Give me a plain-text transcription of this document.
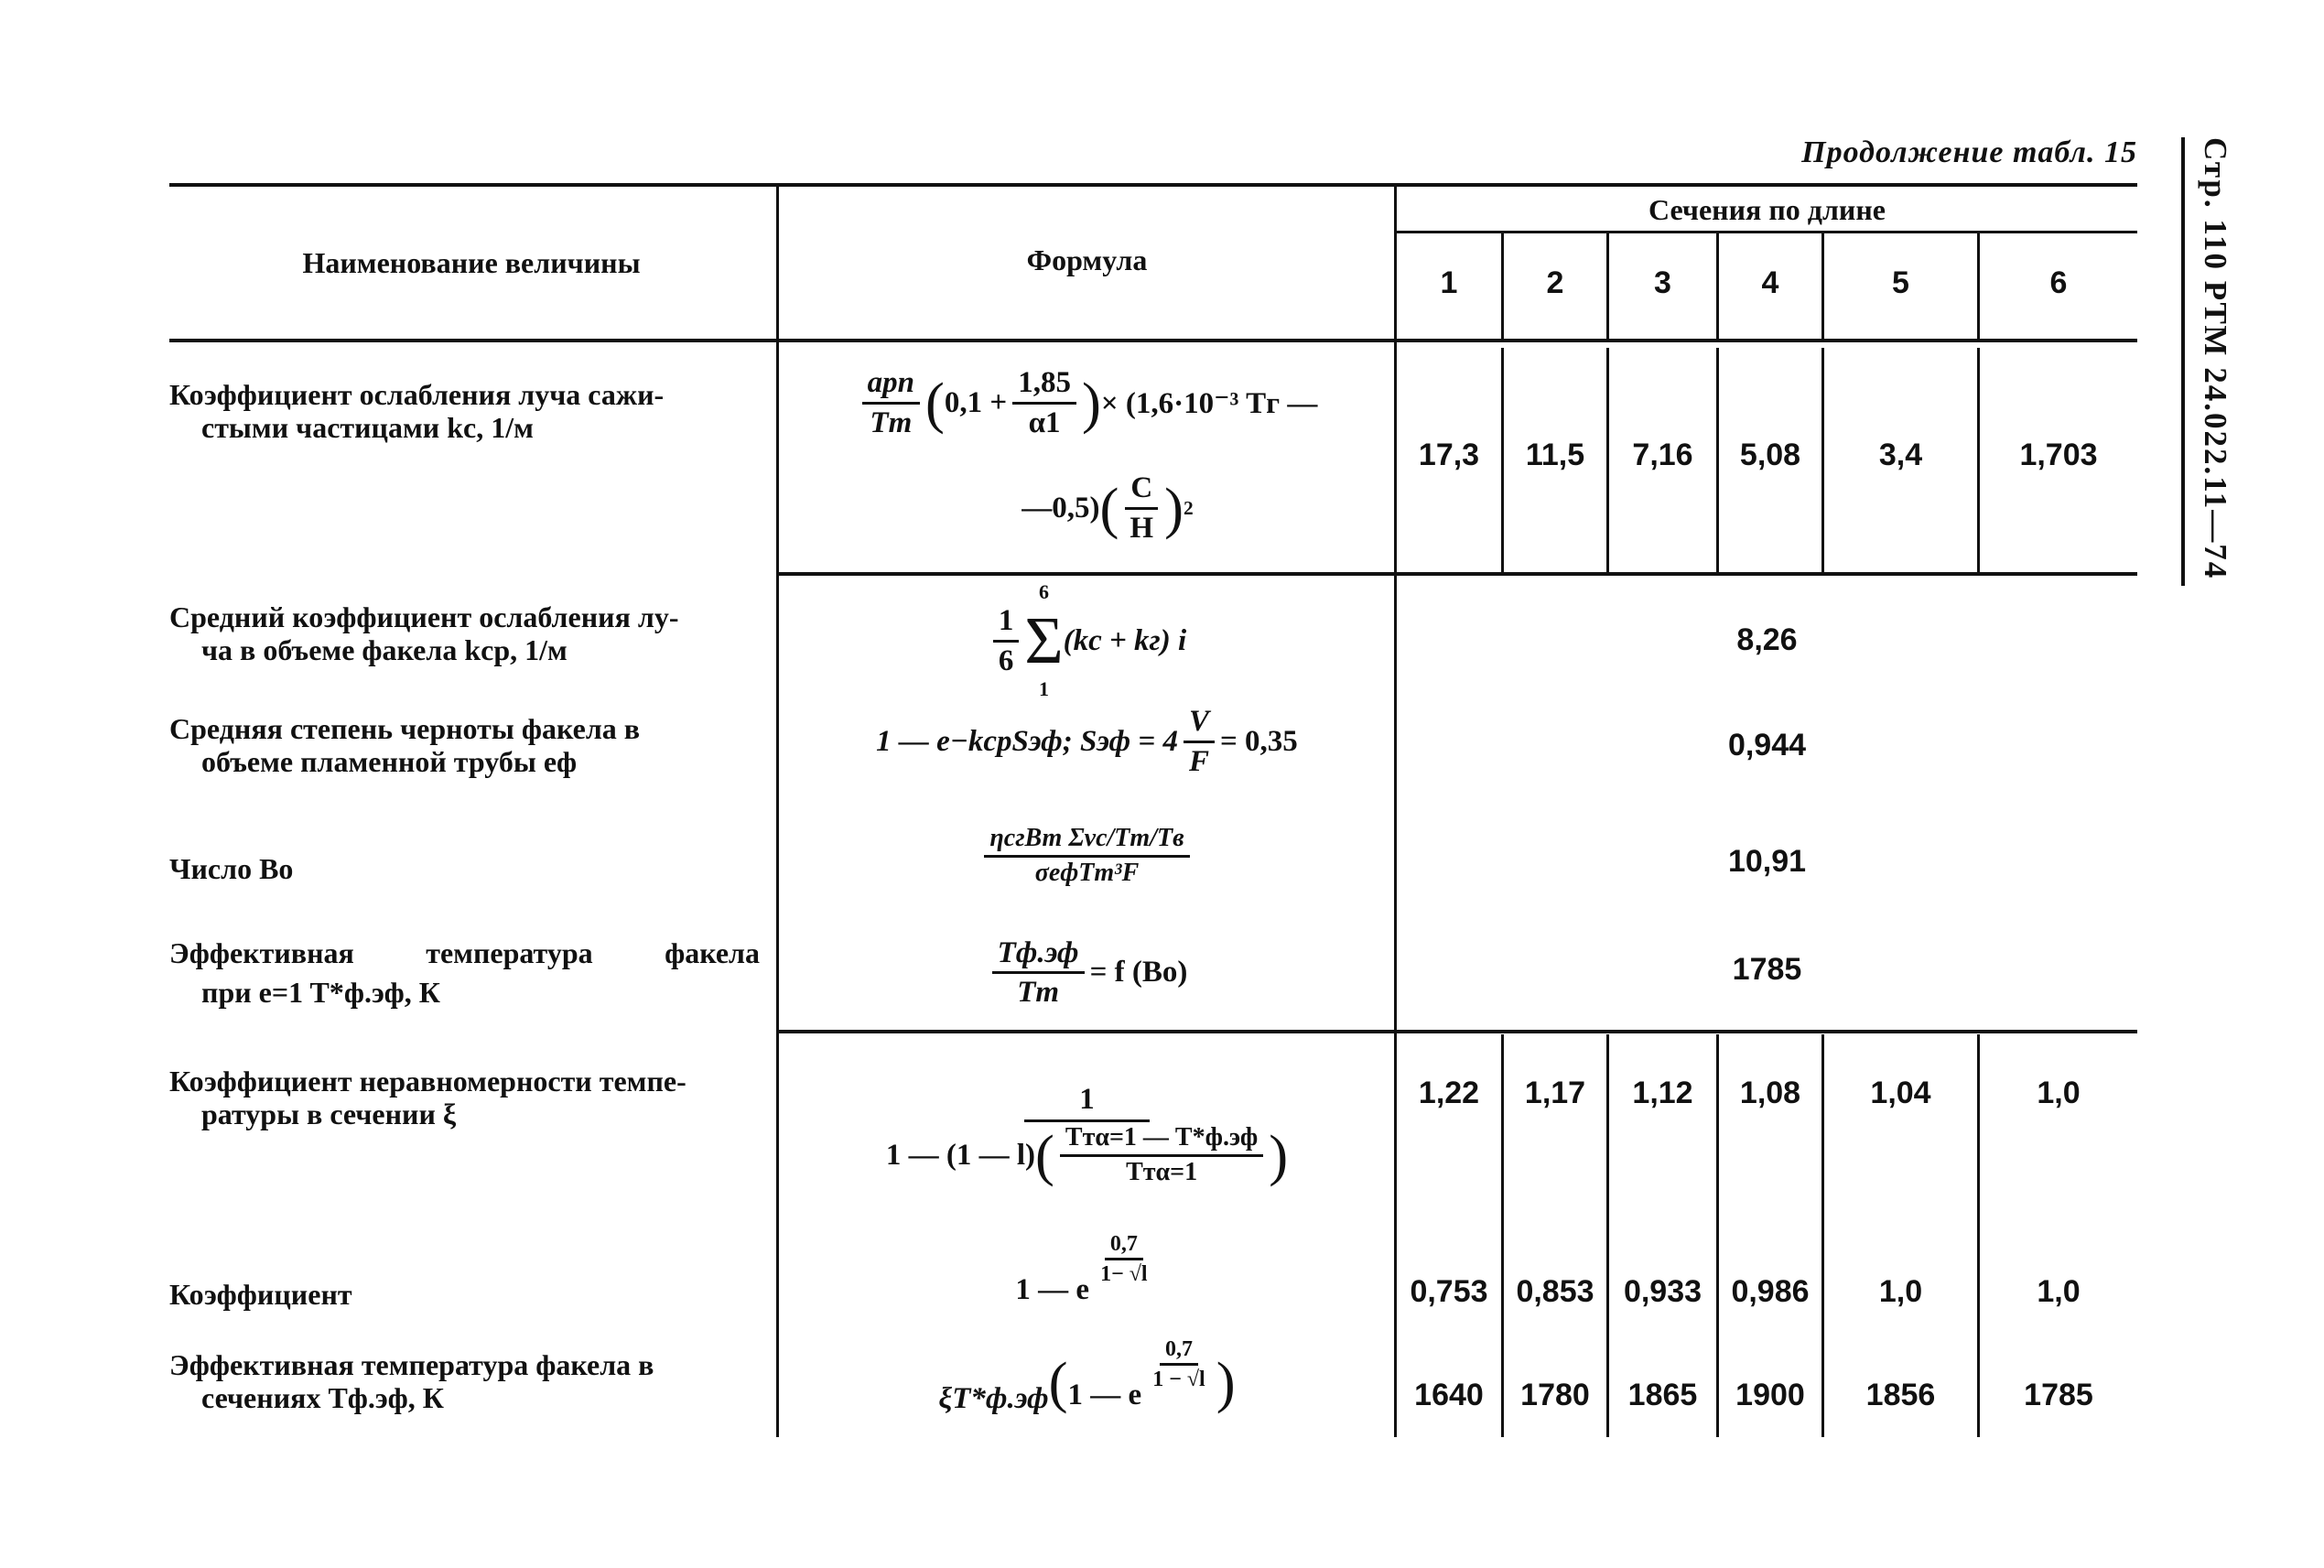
Продолжение табл. 15 Стр. 110 РТМ 24.022.11—74
Наименование величины	Формула
Сечения по длине
1	2	3	4	5	6
Коэффициент ослабления луча сажи-
стыми частицами kс, 1/м	$\frac{\text{apn}}{Tт}$ ( $0,1 + \frac{1,85}{\alpha 1}$ ) × (1,6·10⁻³ Tг —
—0,5) ( $\frac{С}{Н}$ ) 2
17,3	11,5	7,16	5,08	3,4	1,703
Средний коэффициент ослабления лу-
ча в объеме факела kср, 1/м	$\frac{1}{6}$
6
Σ
1
(kс + kг) i	8,26
Средняя степень черноты факела в
объеме пламенной трубы eф
1 — e−kсрSэф; Sэф = $4 \frac{V}{F} = 0,35$	0,944
Число Во	$\frac{\text{ηсгВт Σvc/Tт/Tв}}{\text{σeфTт³F}}$	10,91
Эффективная температура факела
при e=1 T*ф.эф, К	$\frac{Tф.эф}{Tт} = f$ (Во)	1785
Коэффициент неравномерности темпе-
ратуры в сечении ξ	$\frac{1}{1 — (1 — l) ( \frac{\text{Tтα=1 — T*ф.эф}}{\text{Tтα=1}} )}$	1,22	1,17	1,12	1,08	1,04	1,0
Коэффициент	1 — e
$\frac{0,7}{1- √l}$
0,753 0,853 0,933 0,986	1,0	1,0
Эффективная температура факела в
сечениях Tф.эф, К	ξT*ф.эф ( 1 — e
$\frac{0,7}{1 - √l}$ )	1640	1780	1865	1900	1856	1785
